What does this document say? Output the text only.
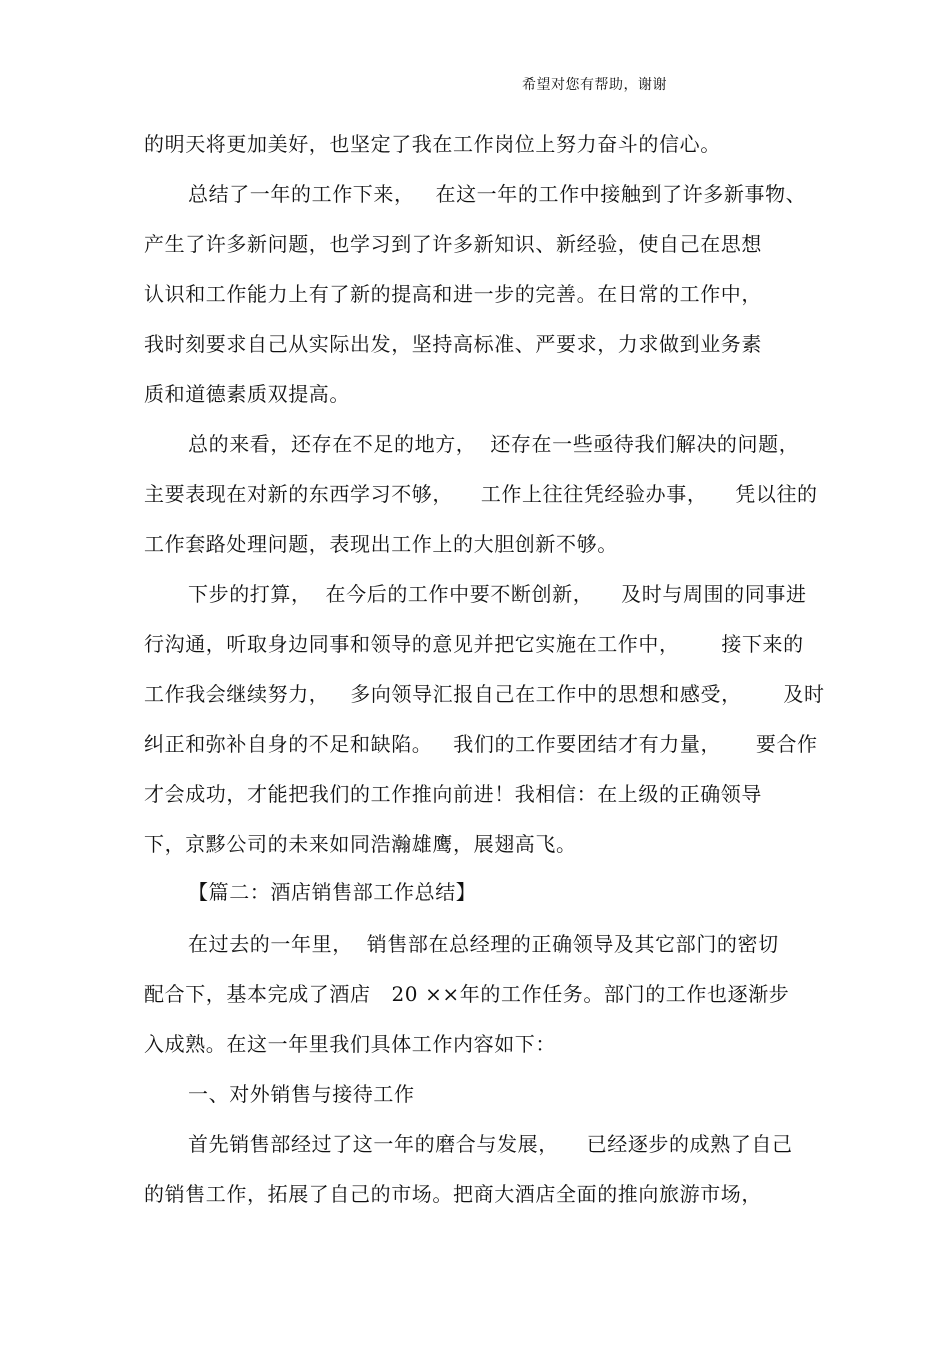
希望对您有帮助，谢谢
的明天将更加美好，也坚定了我在工作岗位上努力奋斗的信心。
总结了一年的工作下来，   在这一年的工作中接触到了许多新事物、
产生了许多新问题，也学习到了许多新知识、新经验，使自己在思想
认识和工作能力上有了新的提高和进一步的完善。在日常的工作中，
我时刻要求自己从实际出发，坚持高标准、严要求，力求做到业务素
质和道德素质双提高。
总的来看，还存在不足的地方，  还存在一些亟待我们解决的问题，
主要表现在对新的东西学习不够，    工作上往往凭经验办事，    凭以往的
工作套路处理问题，表现出工作上的大胆创新不够。
下步的打算，  在今后的工作中要不断创新，    及时与周围的同事进
行沟通，听取身边同事和领导的意见并把它实施在工作中，      接下来的
工作我会继续努力，   多向领导汇报自己在工作中的思想和感受，      及时
纠正和弥补自身的不足和缺陷。   我们的工作要团结才有力量，     要合作
才会成功，才能把我们的工作推向前进！我相信：在上级的正确领导
下，京黟公司的未来如同浩瀚雄鹰，展翅高飞。
【篇二：酒店销售部工作总结】
在过去的一年里，  销售部在总经理的正确领导及其它部门的密切
配合下，基本完成了酒店   20 ××年的工作任务。部门的工作也逐渐步
入成熟。在这一年里我们具体工作内容如下：
一、对外销售与接待工作
首先销售部经过了这一年的磨合与发展，    已经逐步的成熟了自己
的销售工作，拓展了自己的市场。把商大酒店全面的推向旅游市场，
